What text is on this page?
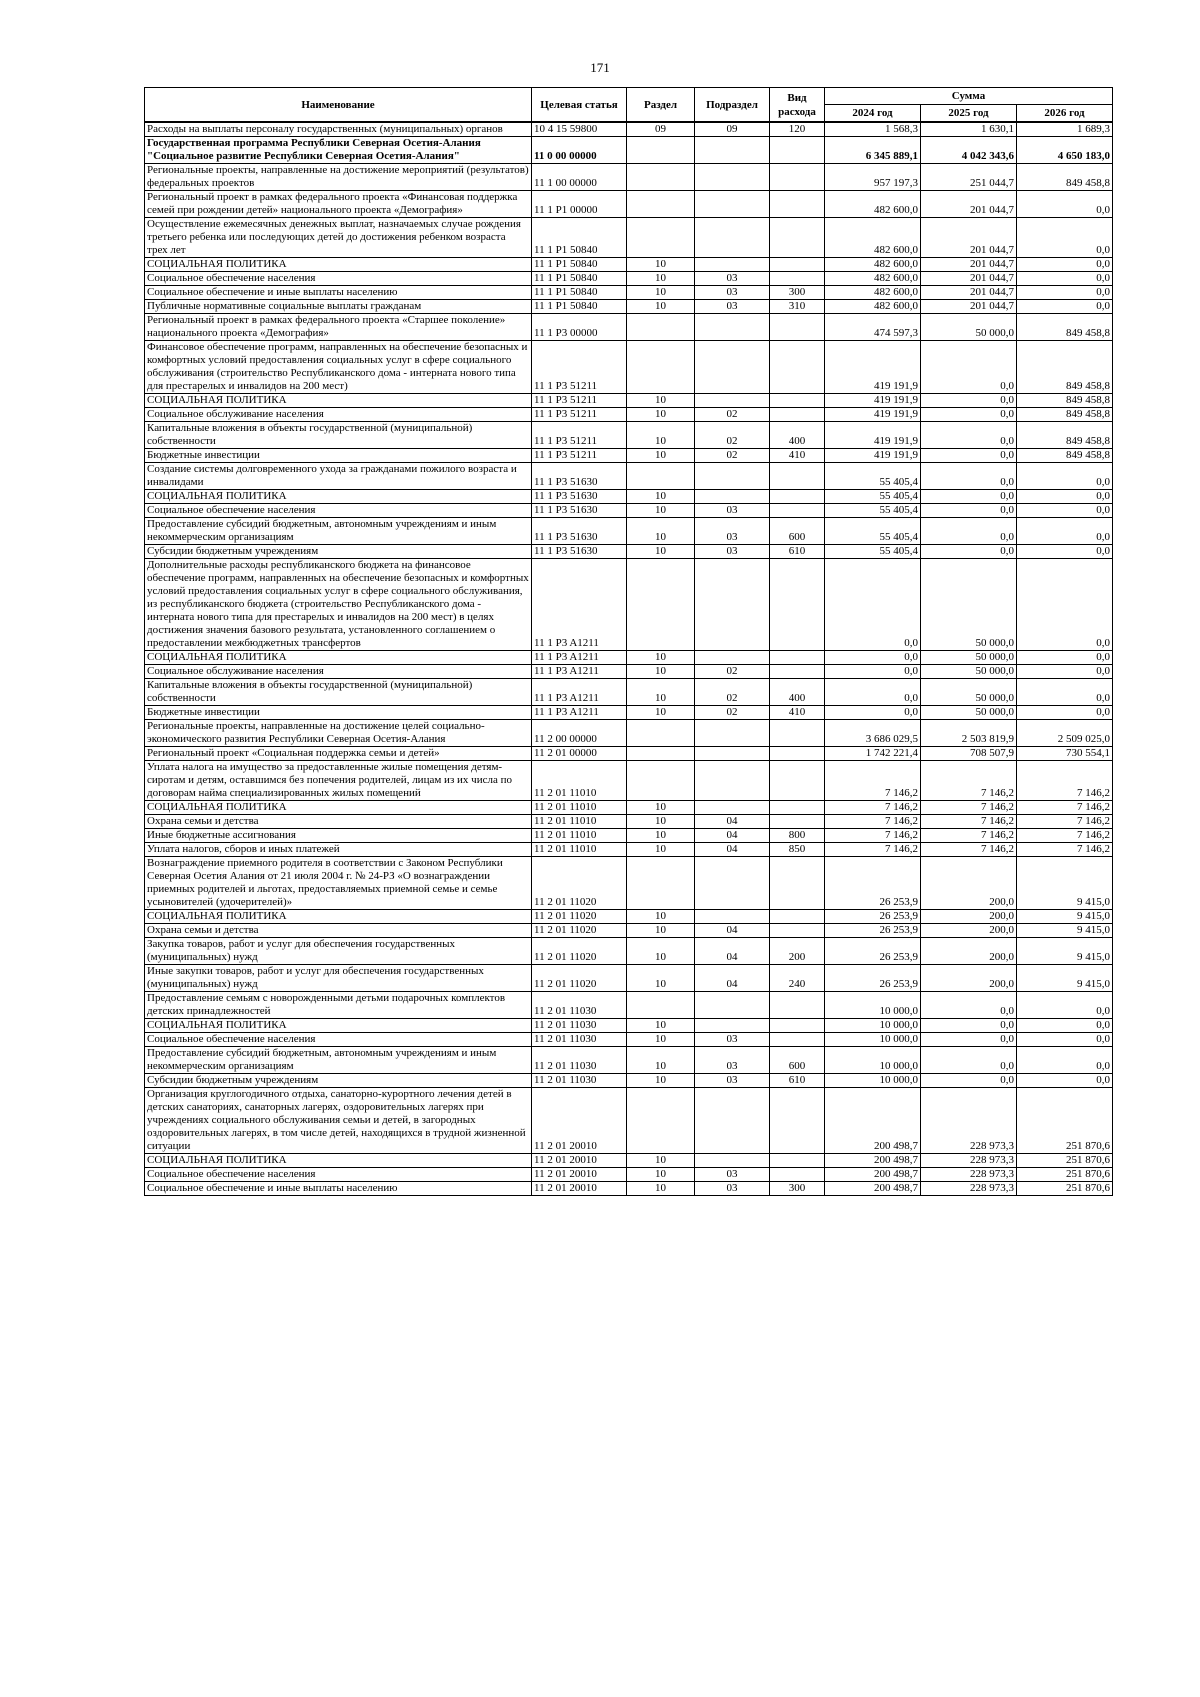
171
Наименование	Целевая статья	Раздел	Подраздел	Вид расхода	Сумма		
					2024 год	2025 год	2026 год
Расходы на выплаты персоналу государственных (муниципальных) органов	10 4 15 59800	09	09	120	1 568,3	1 630,1	1 689,3
Государственная программа Республики Северная Осетия-Алания "Социальное развитие Республики Северная Осетия-Алания"	11 0 00 00000				6 345 889,1	4 042 343,6	4 650 183,0
Региональные проекты, направленные на достижение мероприятий (результатов) федеральных проектов	11 1 00 00000				957 197,3	251 044,7	849 458,8
Региональный проект в рамках федерального проекта «Финансовая поддержка семей при рождении детей» национального проекта «Демография»	11 1 P1 00000				482 600,0	201 044,7	0,0
Осуществление ежемесячных денежных выплат, назначаемых случае рождения третьего ребенка или последующих детей до достижения ребенком возраста трех лет	11 1 P1 50840				482 600,0	201 044,7	0,0
СОЦИАЛЬНАЯ ПОЛИТИКА	11 1 P1 50840	10			482 600,0	201 044,7	0,0
Социальное обеспечение населения	11 1 P1 50840	10	03		482 600,0	201 044,7	0,0
Социальное обеспечение и иные выплаты населению	11 1 P1 50840	10	03	300	482 600,0	201 044,7	0,0
Публичные нормативные социальные выплаты гражданам	11 1 P1 50840	10	03	310	482 600,0	201 044,7	0,0
Региональный проект в рамках федерального проекта «Старшее поколение» национального проекта «Демография»	11 1 P3 00000				474 597,3	50 000,0	849 458,8
Финансовое обеспечение программ, направленных на обеспечение безопасных и комфортных условий предоставления социальных услуг в сфере социального обслуживания (строительство Республиканского дома - интерната нового типа для престарелых и инвалидов на 200 мест)	11 1 P3 51211				419 191,9	0,0	849 458,8
СОЦИАЛЬНАЯ ПОЛИТИКА	11 1 P3 51211	10			419 191,9	0,0	849 458,8
Социальное обслуживание населения	11 1 P3 51211	10	02		419 191,9	0,0	849 458,8
Капитальные вложения в объекты государственной (муниципальной) собственности	11 1 P3 51211	10	02	400	419 191,9	0,0	849 458,8
Бюджетные инвестиции	11 1 P3 51211	10	02	410	419 191,9	0,0	849 458,8
Создание системы долговременного ухода за гражданами пожилого возраста и инвалидами	11 1 P3 51630				55 405,4	0,0	0,0
СОЦИАЛЬНАЯ ПОЛИТИКА	11 1 P3 51630	10			55 405,4	0,0	0,0
Социальное обеспечение населения	11 1 P3 51630	10	03		55 405,4	0,0	0,0
Предоставление субсидий бюджетным, автономным учреждениям и иным некоммерческим организациям	11 1 P3 51630	10	03	600	55 405,4	0,0	0,0
Субсидии бюджетным учреждениям	11 1 P3 51630	10	03	610	55 405,4	0,0	0,0
Дополнительные расходы республиканского бюджета на финансовое обеспечение программ, направленных на обеспечение безопасных и комфортных условий предоставления социальных услуг в сфере социального обслуживания, из республиканского бюджета (строительство Республиканского дома - интерната нового типа для престарелых и инвалидов на 200 мест) в целях достижения значения базового результата, установленного соглашением о предоставлении межбюджетных трансфертов	11 1 P3 A1211				0,0	50 000,0	0,0
СОЦИАЛЬНАЯ ПОЛИТИКА	11 1 P3 A1211	10			0,0	50 000,0	0,0
Социальное обслуживание населения	11 1 P3 A1211	10	02		0,0	50 000,0	0,0
Капитальные вложения в объекты государственной (муниципальной) собственности	11 1 P3 A1211	10	02	400	0,0	50 000,0	0,0
Бюджетные инвестиции	11 1 P3 A1211	10	02	410	0,0	50 000,0	0,0
Региональные проекты, направленные на достижение целей социально-экономического развития Республики Северная Осетия-Алания	11 2 00 00000				3 686 029,5	2 503 819,9	2 509 025,0
Региональный проект «Социальная поддержка семьи и детей»	11 2 01 00000				1 742 221,4	708 507,9	730 554,1
Уплата налога на имущество за предоставленные жилые помещения детям-сиротам и детям, оставшимся без попечения родителей, лицам из их числа по договорам найма специализированных жилых помещений	11 2 01 11010				7 146,2	7 146,2	7 146,2
СОЦИАЛЬНАЯ ПОЛИТИКА	11 2 01 11010	10			7 146,2	7 146,2	7 146,2
Охрана семьи и детства	11 2 01 11010	10	04		7 146,2	7 146,2	7 146,2
Иные бюджетные ассигнования	11 2 01 11010	10	04	800	7 146,2	7 146,2	7 146,2
Уплата налогов, сборов и иных платежей	11 2 01 11010	10	04	850	7 146,2	7 146,2	7 146,2
Вознаграждение приемного родителя в соответствии с Законом Республики Северная Осетия Алания от 21 июля 2004 г. № 24-РЗ «О вознаграждении приемных родителей и льготах, предоставляемых приемной семье и семье усыновителей (удочерителей)»	11 2 01 11020				26 253,9	200,0	9 415,0
СОЦИАЛЬНАЯ ПОЛИТИКА	11 2 01 11020	10			26 253,9	200,0	9 415,0
Охрана семьи и детства	11 2 01 11020	10	04		26 253,9	200,0	9 415,0
Закупка товаров, работ и услуг для обеспечения государственных (муниципальных) нужд	11 2 01 11020	10	04	200	26 253,9	200,0	9 415,0
Иные закупки товаров, работ и услуг для обеспечения государственных (муниципальных) нужд	11 2 01 11020	10	04	240	26 253,9	200,0	9 415,0
Предоставление семьям с новорожденными детьми подарочных комплектов детских принадлежностей	11 2 01 11030				10 000,0	0,0	0,0
СОЦИАЛЬНАЯ ПОЛИТИКА	11 2 01 11030	10			10 000,0	0,0	0,0
Социальное обеспечение населения	11 2 01 11030	10	03		10 000,0	0,0	0,0
Предоставление субсидий бюджетным, автономным учреждениям и иным некоммерческим организациям	11 2 01 11030	10	03	600	10 000,0	0,0	0,0
Субсидии бюджетным учреждениям	11 2 01 11030	10	03	610	10 000,0	0,0	0,0
Организация круглогодичного отдыха, санаторно-курортного лечения детей в детских санаториях, санаторных лагерях, оздоровительных лагерях при учреждениях социального обслуживания семьи и детей, в загородных оздоровительных лагерях, в том числе детей, находящихся в трудной жизненной ситуации	11 2 01 20010				200 498,7	228 973,3	251 870,6
СОЦИАЛЬНАЯ ПОЛИТИКА	11 2 01 20010	10			200 498,7	228 973,3	251 870,6
Социальное обеспечение населения	11 2 01 20010	10	03		200 498,7	228 973,3	251 870,6
Социальное обеспечение и иные выплаты населению	11 2 01 20010	10	03	300	200 498,7	228 973,3	251 870,6
